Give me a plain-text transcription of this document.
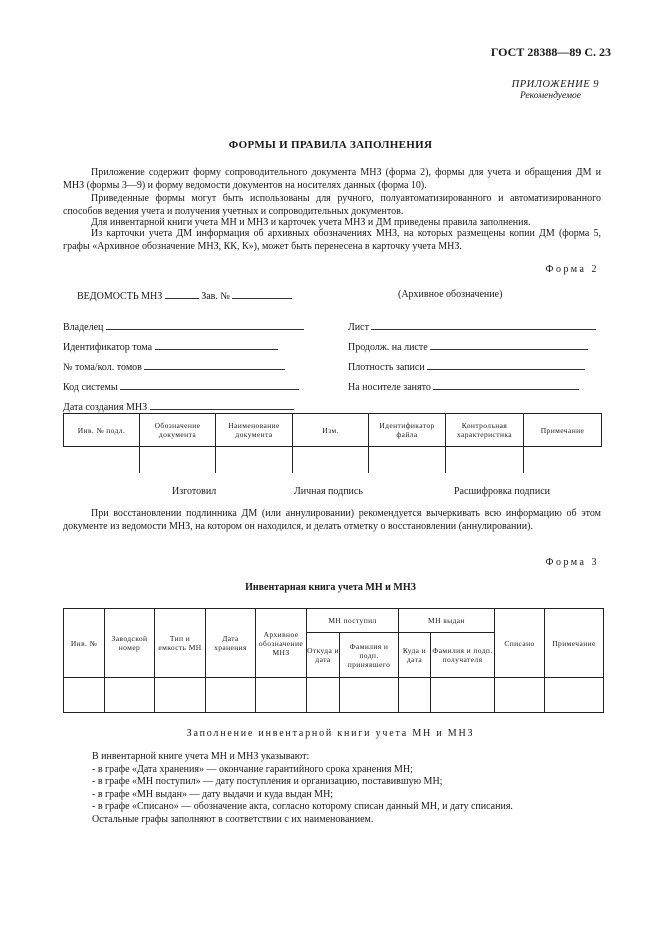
ГОСТ 28388—89 С. 23
ПРИЛОЖЕНИЕ 9
Рекомендуемое
ФОРМЫ И ПРАВИЛА ЗАПОЛНЕНИЯ
Приложение содержит форму сопроводительного документа МНЗ (форма 2), формы для учета и обращения ДМ и МНЗ (формы 3—9) и форму ведомости документов на носителях данных (форма 10).
Приведенные формы могут быть использованы для ручного, полуавтоматизированного и автоматизированного способов ведения учета и получения учетных и сопроводительных документов.
Для инвентарной книги учета МН и МНЗ и карточек учета МНЗ и ДМ приведены правила заполнения.
Из карточки учета ДМ информация об архивных обозначениях МНЗ, на которых размещены копии ДМ (форма 5, графы «Архивное обозначение МНЗ, КК, К»), может быть перенесена в карточку учета МНЗ.
Форма 2
ВЕДОМОСТЬ МНЗ	Зав. №	(Архивное обозначение)
Владелец
Идентификатор тома
№ тома/кол. томов
Код системы
Дата создания МНЗ
Лист
Продолж. на листе
Плотность записи
На носителе занято
Инв. № подл.	Обозначение документа	Наименование документа	Изм.	Идентификатор файла	Контрольная характеристика	Примечание

Изготовил	Личная подпись	Расшифровка подписи
При восстановлении подлинника ДМ (или аннулировании) рекомендуется вычеркивать всю информацию об этом документе из ведомости МНЗ, на котором он находился, и делать отметку о восстановлении (аннулировании).
Форма 3
Инвентарная книга учета МН и МНЗ
Инв. №	Заводской номер	Тип и емкость МН	Дата хранения	Архивное обозначение МНЗ	МН поступил		МН выдан		Списано	Примечание
					Откуда и дата	Фамилия и подп. принявшего	Куда и дата	Фамилия и подп. получателя		

Заполнение инвентарной книги учета МН и МНЗ
В инвентарной книге учета МН и МНЗ указывают:
- в графе «Дата хранения» — окончание гарантийного срока хранения МН;
- в графе «МН поступил» — дату поступления и организацию, поставившую МН;
- в графе «МН выдан» — дату выдачи и куда выдан МН;
- в графе «Списано» — обозначение акта, согласно которому списан данный МН, и дату списания.
Остальные графы заполняют в соответствии с их наименованием.
